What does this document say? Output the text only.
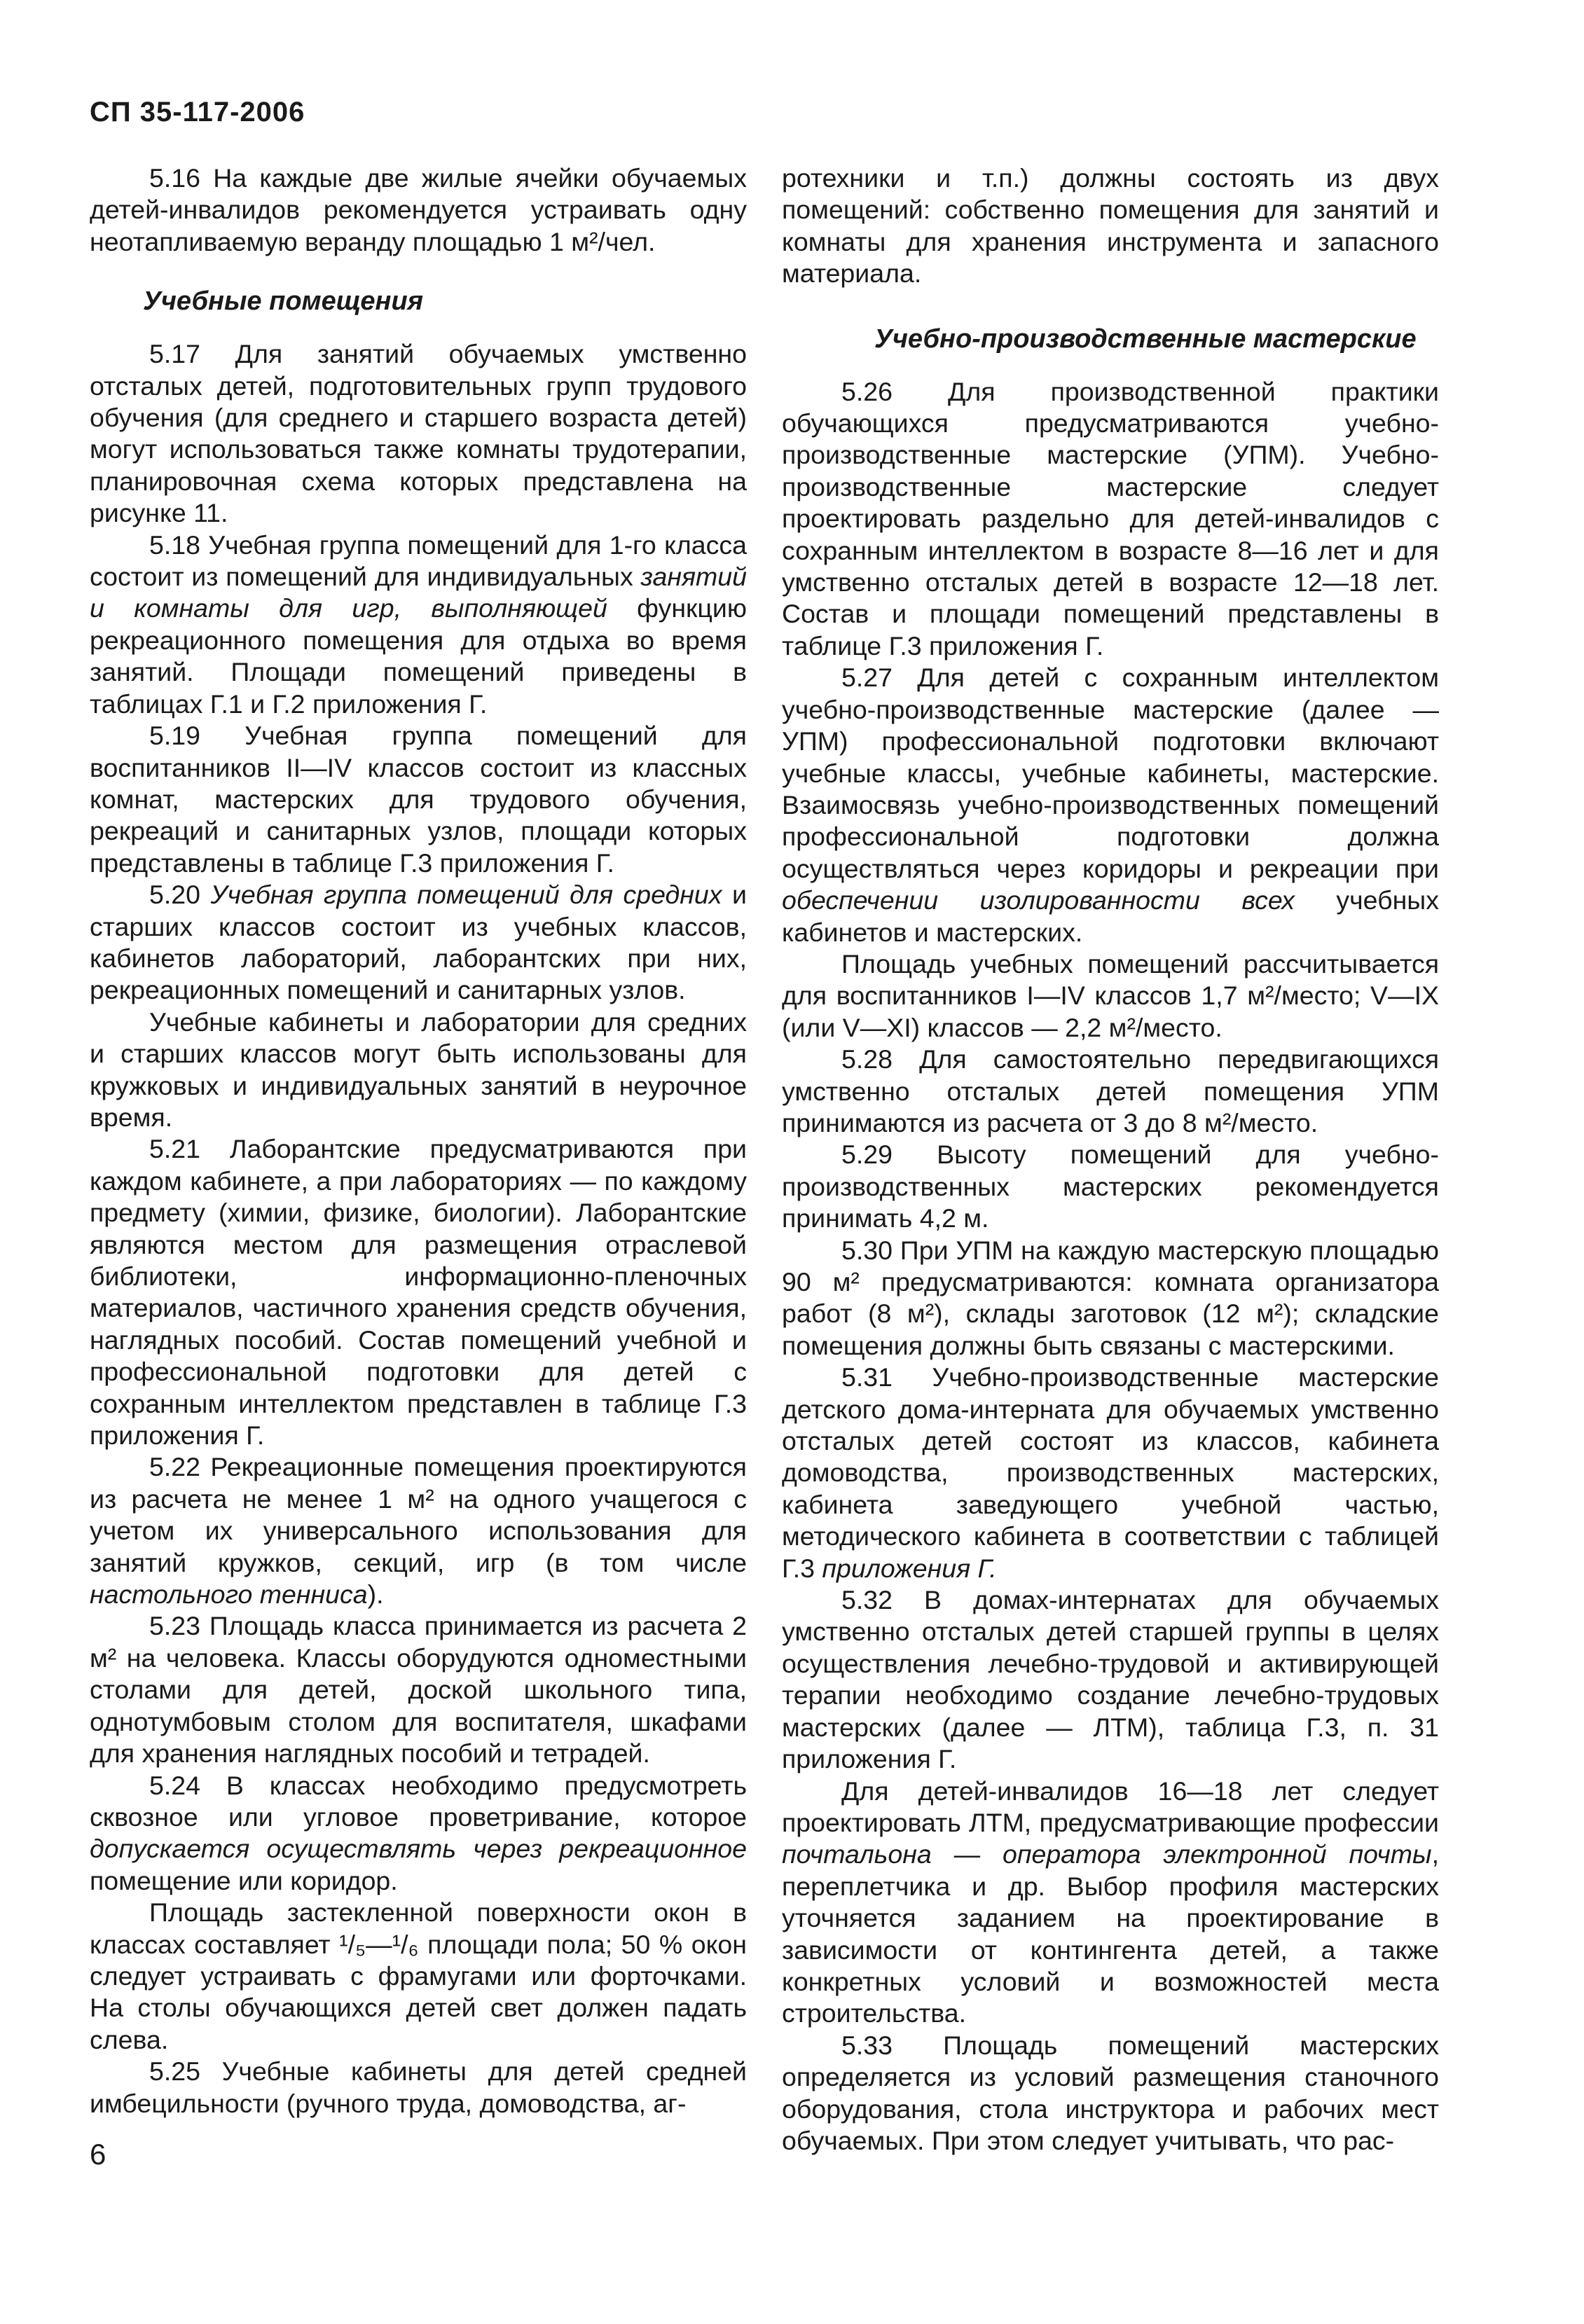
СП 35-117-2006

5.16 На каждые две жилые ячейки обучаемых детей-инвалидов рекомендуется устраивать одну неотапливаемую веранду площадью 1 м²/чел.

Учебные помещения

5.17 Для занятий обучаемых умственно отсталых детей, подготовительных групп трудового обучения (для среднего и старшего возраста детей) могут использоваться также комнаты трудотерапии, планировочная схема которых представлена на рисунке 11.

5.18 Учебная группа помещений для 1-го класса состоит из помещений для индивидуальных занятий и комнаты для игр, выполняющей функцию рекреационного помещения для отдыха во время занятий. Площади помещений приведены в таблицах Г.1 и Г.2 приложения Г.

5.19 Учебная группа помещений для воспитанников II—IV классов состоит из классных комнат, мастерских для трудового обучения, рекреаций и санитарных узлов, площади которых представлены в таблице Г.3 приложения Г.

5.20 Учебная группа помещений для средних и старших классов состоит из учебных классов, кабинетов лабораторий, лаборантских при них, рекреационных помещений и санитарных узлов.

Учебные кабинеты и лаборатории для средних и старших классов могут быть использованы для кружковых и индивидуальных занятий в неурочное время.

5.21 Лаборантские предусматриваются при каждом кабинете, а при лабораториях — по каждому предмету (химии, физике, биологии). Лаборантские являются местом для размещения отраслевой библиотеки, информационно-пленочных материалов, частичного хранения средств обучения, наглядных пособий. Состав помещений учебной и профессиональной подготовки для детей с сохранным интеллектом представлен в таблице Г.3 приложения Г.

5.22 Рекреационные помещения проектируются из расчета не менее 1 м² на одного учащегося с учетом их универсального использования для занятий кружков, секций, игр (в том числе настольного тенниса).

5.23 Площадь класса принимается из расчета 2 м² на человека. Классы оборудуются одноместными столами для детей, доской школьного типа, однотумбовым столом для воспитателя, шкафами для хранения наглядных пособий и тетрадей.

5.24 В классах необходимо предусмотреть сквозное или угловое проветривание, которое допускается осуществлять через рекреационное помещение или коридор.

Площадь застекленной поверхности окон в классах составляет ¹/₅—¹/₆ площади пола; 50 % окон следует устраивать с фрамугами или форточками. На столы обучающихся детей свет должен падать слева.

5.25 Учебные кабинеты для детей средней имбецильности (ручного труда, домоводства, аг-

ротехники и т.п.) должны состоять из двух помещений: собственно помещения для занятий и комнаты для хранения инструмента и запасного материала.

Учебно-производственные мастерские

5.26 Для производственной практики обучающихся предусматриваются учебно-производственные мастерские (УПМ). Учебно-производственные мастерские следует проектировать раздельно для детей-инвалидов с сохранным интеллектом в возрасте 8—16 лет и для умственно отсталых детей в возрасте 12—18 лет. Состав и площади помещений представлены в таблице Г.3 приложения Г.

5.27 Для детей с сохранным интеллектом учебно-производственные мастерские (далее — УПМ) профессиональной подготовки включают учебные классы, учебные кабинеты, мастерские. Взаимосвязь учебно-производственных помещений профессиональной подготовки должна осуществляться через коридоры и рекреации при обеспечении изолированности всех учебных кабинетов и мастерских.

Площадь учебных помещений рассчитывается для воспитанников I—IV классов 1,7 м²/место; V—IX (или V—XI) классов — 2,2 м²/место.

5.28 Для самостоятельно передвигающихся умственно отсталых детей помещения УПМ принимаются из расчета от 3 до 8 м²/место.

5.29 Высоту помещений для учебно-производственных мастерских рекомендуется принимать 4,2 м.

5.30 При УПМ на каждую мастерскую площадью 90 м² предусматриваются: комната организатора работ (8 м²), склады заготовок (12 м²); складские помещения должны быть связаны с мастерскими.

5.31 Учебно-производственные мастерские детского дома-интерната для обучаемых умственно отсталых детей состоят из классов, кабинета домоводства, производственных мастерских, кабинета заведующего учебной частью, методического кабинета в соответствии с таблицей Г.3 приложения Г.

5.32 В домах-интернатах для обучаемых умственно отсталых детей старшей группы в целях осуществления лечебно-трудовой и активирующей терапии необходимо создание лечебно-трудовых мастерских (далее — ЛТМ), таблица Г.3, п. 31 приложения Г.

Для детей-инвалидов 16—18 лет следует проектировать ЛТМ, предусматривающие профессии почтальона — оператора электронной почты, переплетчика и др. Выбор профиля мастерских уточняется заданием на проектирование в зависимости от контингента детей, а также конкретных условий и возможностей места строительства.

5.33 Площадь помещений мастерских определяется из условий размещения станочного оборудования, стола инструктора и рабочих мест обучаемых. При этом следует учитывать, что рас-

6
